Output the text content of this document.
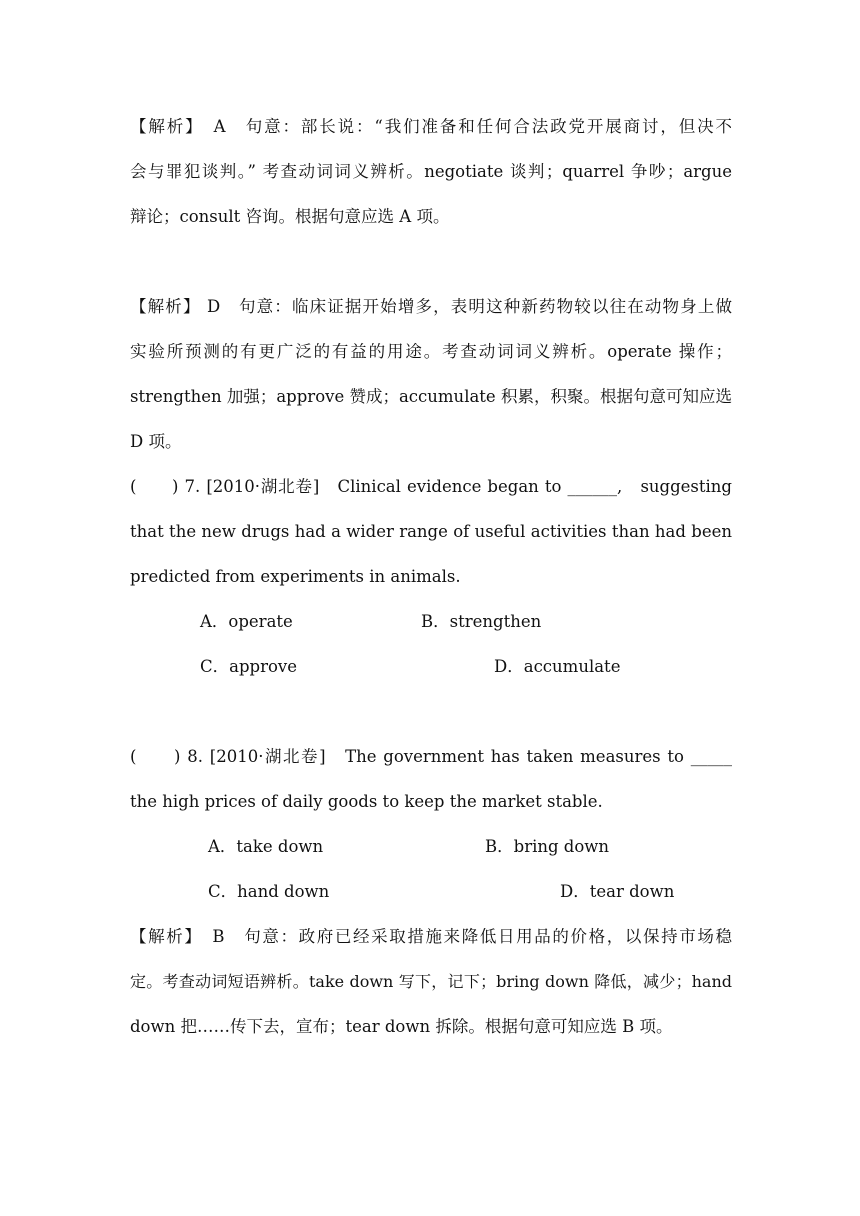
【解析】　A　句意：部长说：“我们准备和任何合法政党开展商讨，但决不
会与罪犯谈判。” 考查动词词义辨析。negotiate 谈判；quarrel 争吵；argue
辩论；consult 咨询。根据句意应选 A 项。
【解析】 D　句意：临床证据开始增多，表明这种新药物较以往在动物身上做
实验所预测的有更广泛的有益的用途。考查动词词义辨析。operate 操作；
strengthen 加强；approve 赞成；accumulate 积累，积聚。根据句意可知应选
D 项。
(　　) 7. [2010·湖北卷]　Clinical evidence began to ______,　suggesting
that the new drugs had a wider range of useful activities than had been
predicted from experiments in animals.
A．operate	B．strengthen
C．approve	D．accumulate
(　　) 8. [2010·湖北卷]　The government has taken measures to _____
the high prices of daily goods to keep the market stable.
A．take down	B．bring down
C．hand down	D．tear down
【解析】　B　句意：政府已经采取措施来降低日用品的价格，以保持市场稳
定。考查动词短语辨析。take down 写下，记下；bring down 降低，减少；hand
down 把……传下去，宣布；tear down 拆除。根据句意可知应选 B 项。
